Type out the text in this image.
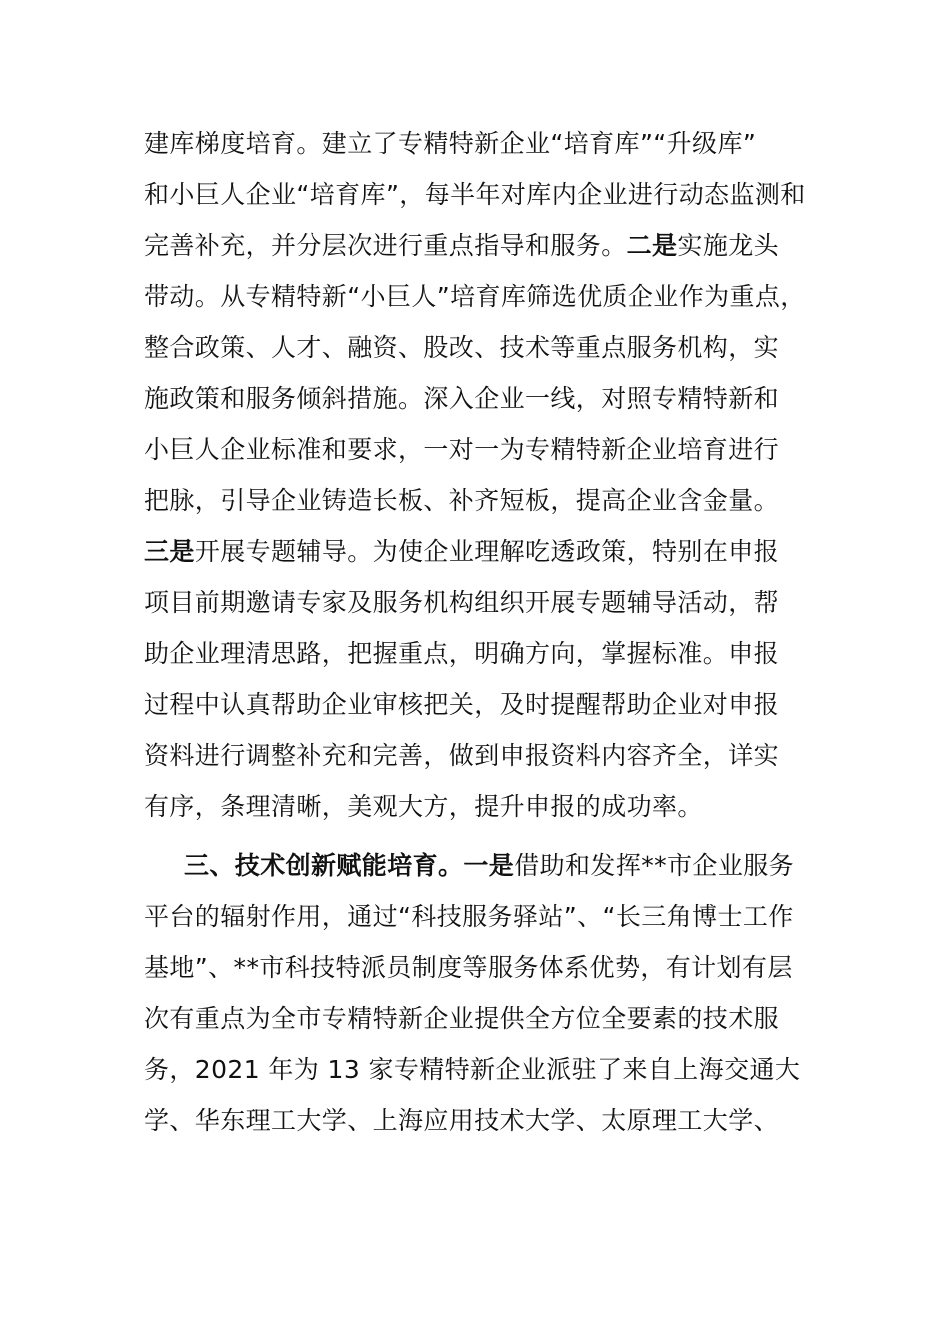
建库梯度培育。建立了专精特新企业“培育库”“升级库”
和小巨人企业“培育库”，每半年对库内企业进行动态监测和
完善补充，并分层次进行重点指导和服务。二是实施龙头
带动。从专精特新“小巨人”培育库筛选优质企业作为重点，
整合政策、人才、融资、股改、技术等重点服务机构，实
施政策和服务倾斜措施。深入企业一线，对照专精特新和
小巨人企业标准和要求，一对一为专精特新企业培育进行
把脉，引导企业铸造长板、补齐短板，提高企业含金量。
三是开展专题辅导。为使企业理解吃透政策，特别在申报
项目前期邀请专家及服务机构组织开展专题辅导活动，帮
助企业理清思路，把握重点，明确方向，掌握标准。申报
过程中认真帮助企业审核把关，及时提醒帮助企业对申报
资料进行调整补充和完善，做到申报资料内容齐全，详实
有序，条理清晰，美观大方，提升申报的成功率。
三、技术创新赋能培育。一是借助和发挥**市企业服务
平台的辐射作用，通过“科技服务驿站”、“长三角博士工作
基地”、**市科技特派员制度等服务体系优势，有计划有层
次有重点为全市专精特新企业提供全方位全要素的技术服
务，2021 年为 13 家专精特新企业派驻了来自上海交通大
学、华东理工大学、上海应用技术大学、太原理工大学、
